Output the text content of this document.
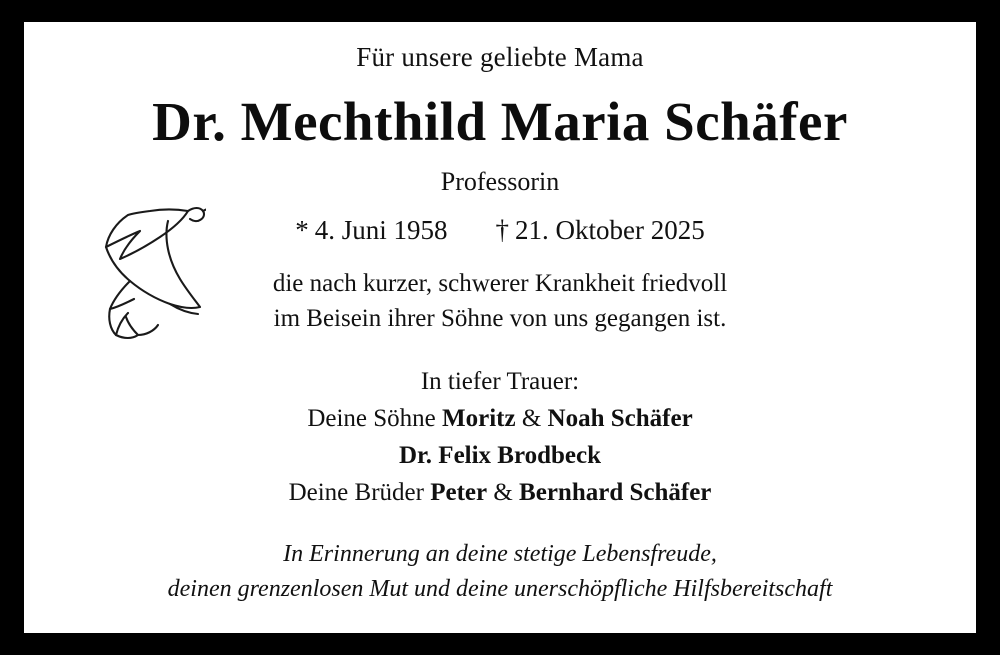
Für unsere geliebte Mama
Dr. Mechthild Maria Schäfer
Professorin
* 4. Juni 1958 † 21. Oktober 2025
die nach kurzer, schwerer Krankheit friedvoll
im Beisein ihrer Söhne von uns gegangen ist.
In tiefer Trauer:
Deine Söhne Moritz & Noah Schäfer
Dr. Felix Brodbeck
Deine Brüder Peter & Bernhard Schäfer
In Erinnerung an deine stetige Lebensfreude,
deinen grenzenlosen Mut und deine unerschöpfliche Hilfsbereitschaft
